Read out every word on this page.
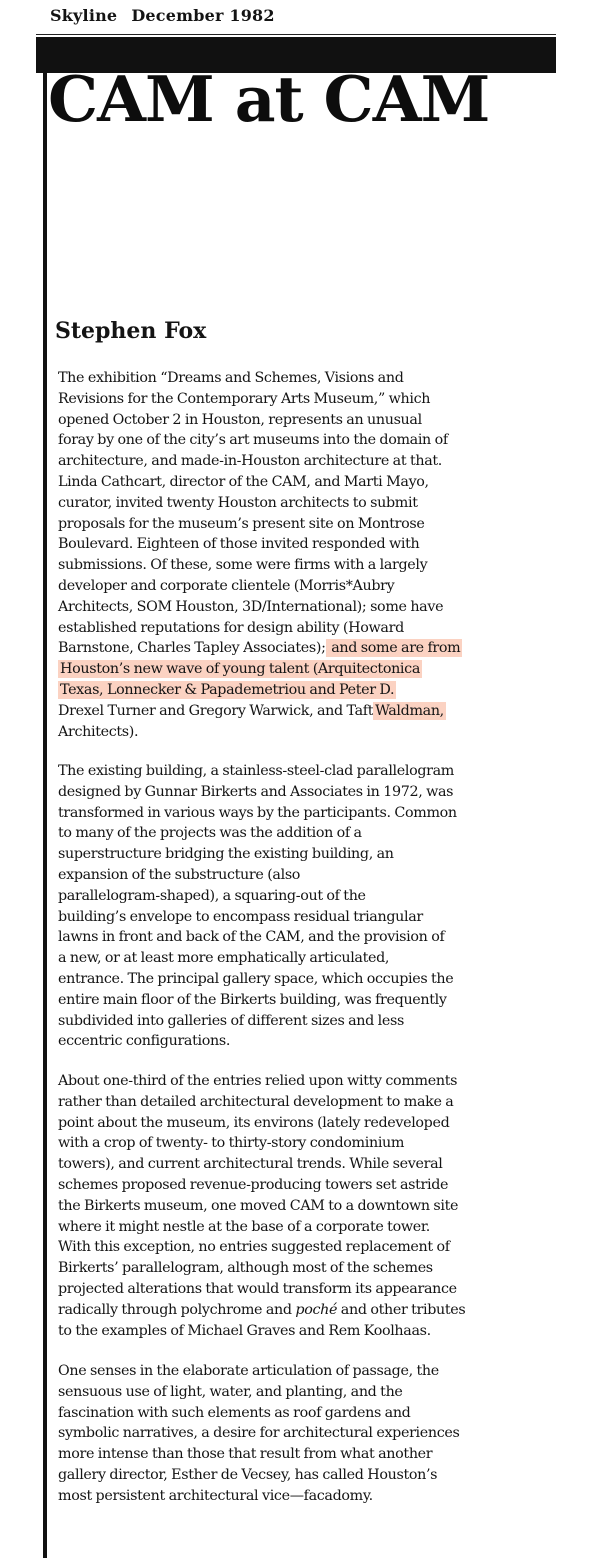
Skyline December 1982
CAM at CAM
Stephen Fox
The exhibition “Dreams and Schemes, Visions and
Revisions for the Contemporary Arts Museum,” which
opened October 2 in Houston, represents an unusual
foray by one of the city’s art museums into the domain of
architecture, and made-in-Houston architecture at that.
Linda Cathcart, director of the CAM, and Marti Mayo,
curator, invited twenty Houston architects to submit
proposals for the museum’s present site on Montrose
Boulevard. Eighteen of those invited responded with
submissions. Of these, some were firms with a largely
developer and corporate clientele (Morris*Aubry
Architects, SOM Houston, 3D/International); some have
established reputations for design ability (Howard
Barnstone, Charles Tapley Associates); and some are from
Houston’s new wave of young talent (Arquitectonica
Texas, Lonnecker & Papademetriou and Peter D.
Drexel Turner and Gregory Warwick, and Taft Waldman,
Architects).
The existing building, a stainless-steel-clad parallelogram
designed by Gunnar Birkerts and Associates in 1972, was
transformed in various ways by the participants. Common
to many of the projects was the addition of a
superstructure bridging the existing building, an
expansion of the substructure (also
parallelogram-shaped), a squaring-out of the
building’s envelope to encompass residual triangular
lawns in front and back of the CAM, and the provision of
a new, or at least more emphatically articulated,
entrance. The principal gallery space, which occupies the
entire main floor of the Birkerts building, was frequently
subdivided into galleries of different sizes and less
eccentric configurations.
About one-third of the entries relied upon witty comments
rather than detailed architectural development to make a
point about the museum, its environs (lately redeveloped
with a crop of twenty- to thirty-story condominium
towers), and current architectural trends. While several
schemes proposed revenue-producing towers set astride
the Birkerts museum, one moved CAM to a downtown site
where it might nestle at the base of a corporate tower.
With this exception, no entries suggested replacement of
Birkerts’ parallelogram, although most of the schemes
projected alterations that would transform its appearance
radically through polychrome and poché and other tributes
to the examples of Michael Graves and Rem Koolhaas.
One senses in the elaborate articulation of passage, the
sensuous use of light, water, and planting, and the
fascination with such elements as roof gardens and
symbolic narratives, a desire for architectural experiences
more intense than those that result from what another
gallery director, Esther de Vecsey, has called Houston’s
most persistent architectural vice—facadomy.
